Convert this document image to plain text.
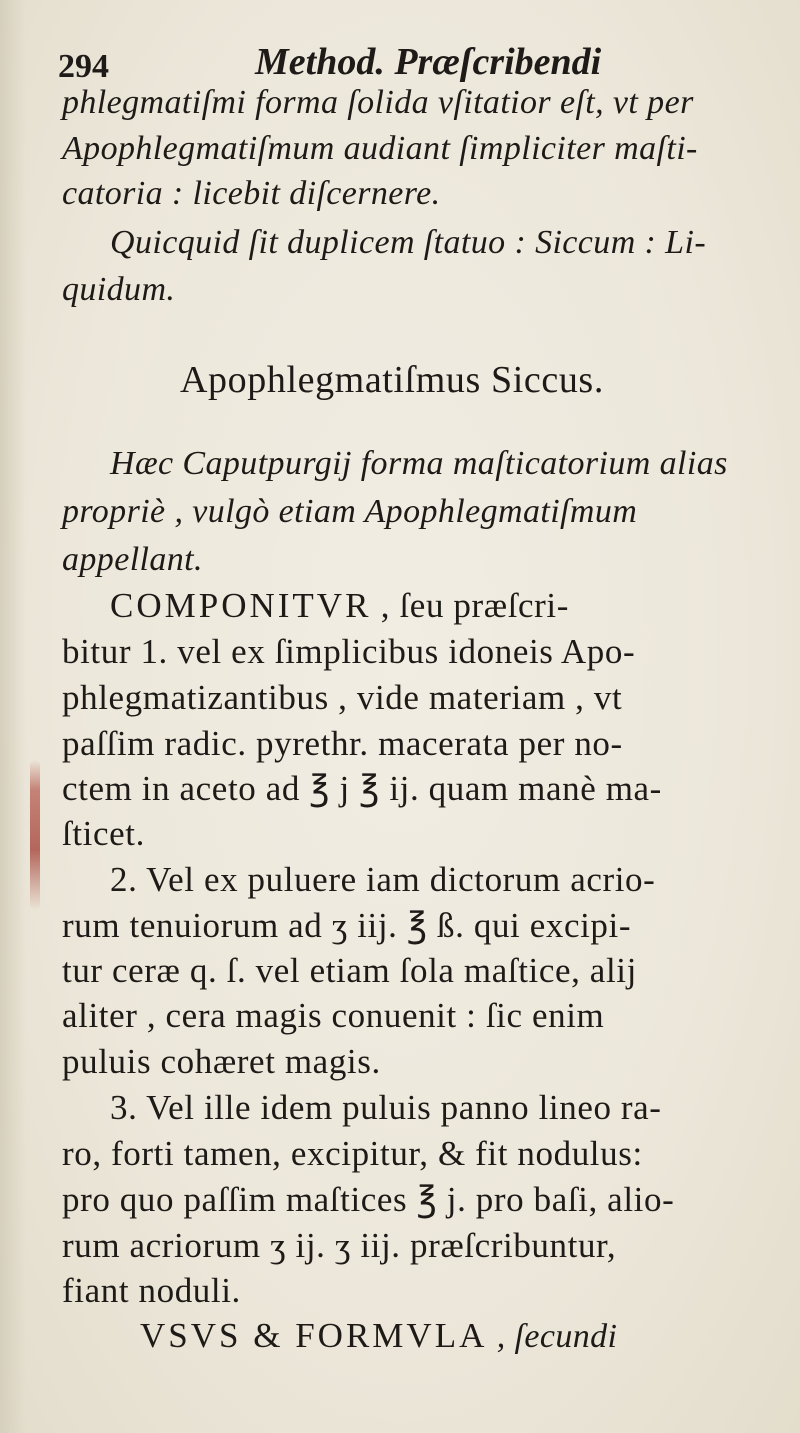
294	Method. Præſcribendi
phlegmatiſmi forma ſolida vſitatior eſt, vt per
Apophlegmatiſmum audiant ſimpliciter maſti-
catoria : licebit diſcernere.
Quicquid ſit duplicem ſtatuo : Siccum : Li-
quidum.
Apophlegmatiſmus Siccus.
Hæc Caputpurgij forma maſticatorium alias
propriè , vulgò etiam Apophlegmatiſmum
appellant.
COMPONITVR , ſeu præſcri-
bitur 1. vel ex ſimplicibus idoneis Apo-
phlegmatizantibus , vide materiam , vt
paſſim radic. pyrethr. macerata per no-
ctem in aceto ad ℥ j ℥ ij. quam manè ma-
ſticet.
2. Vel ex puluere iam dictorum acrio-
rum tenuiorum ad ʒ iij. ℥ ß. qui excipi-
tur ceræ q. ſ. vel etiam ſola maſtice, alij
aliter , cera magis conuenit : ſic enim
puluis cohæret magis.
3. Vel ille idem puluis panno lineo ra-
ro, forti tamen, excipitur, & fit nodulus:
pro quo paſſim maſtices ℥ j. pro baſi, alio-
rum acriorum ʒ ij. ʒ iij. præſcribuntur,
fiant noduli.
VSVS & FORMVLA , ſecundi
